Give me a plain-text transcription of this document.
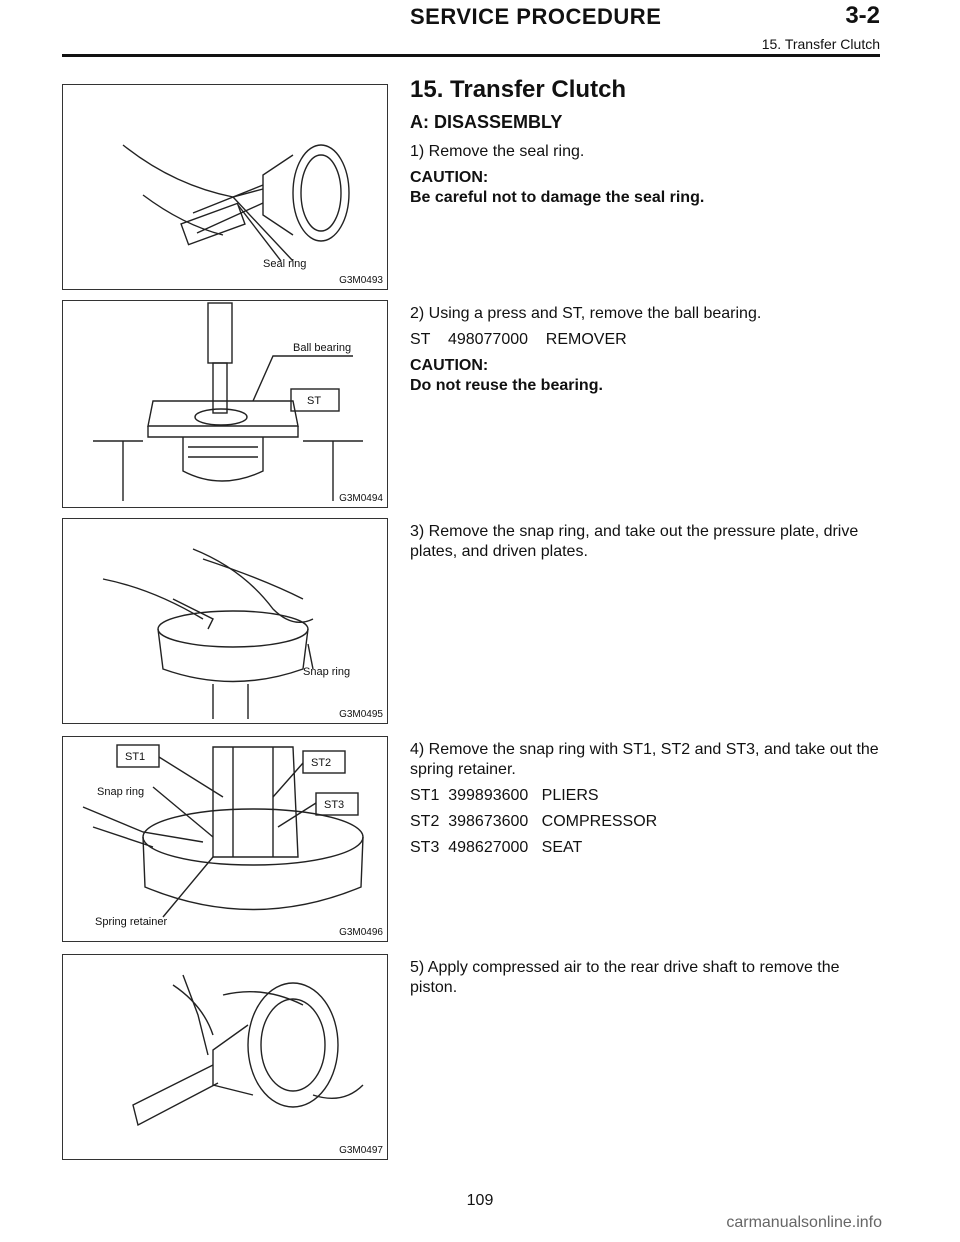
SERVICE PROCEDURE	3-2
15. Transfer Clutch
Seal ring
G3M0493
Ball bearing
ST
G3M0494
Snap ring
G3M0495
ST1	ST2
ST3
Snap ring
Spring retainer
G3M0496
G3M0497
15. Transfer Clutch
A: DISASSEMBLY

1) Remove the seal ring.

CAUTION:

Be careful not to damage the seal ring.

2) Using a press and ST, remove the ball bearing.

ST    498077000    REMOVER

CAUTION:

Do not reuse the bearing.

3) Remove the snap ring, and take out the pressure plate, drive plates, and driven plates.

4) Remove the snap ring with ST1, ST2 and ST3, and take out the spring retainer.

ST1  399893600   PLIERS

ST2  398673600   COMPRESSOR

ST3  498627000   SEAT

5) Apply compressed air to the rear drive shaft to remove the piston.

109
carmanualsonline.info
